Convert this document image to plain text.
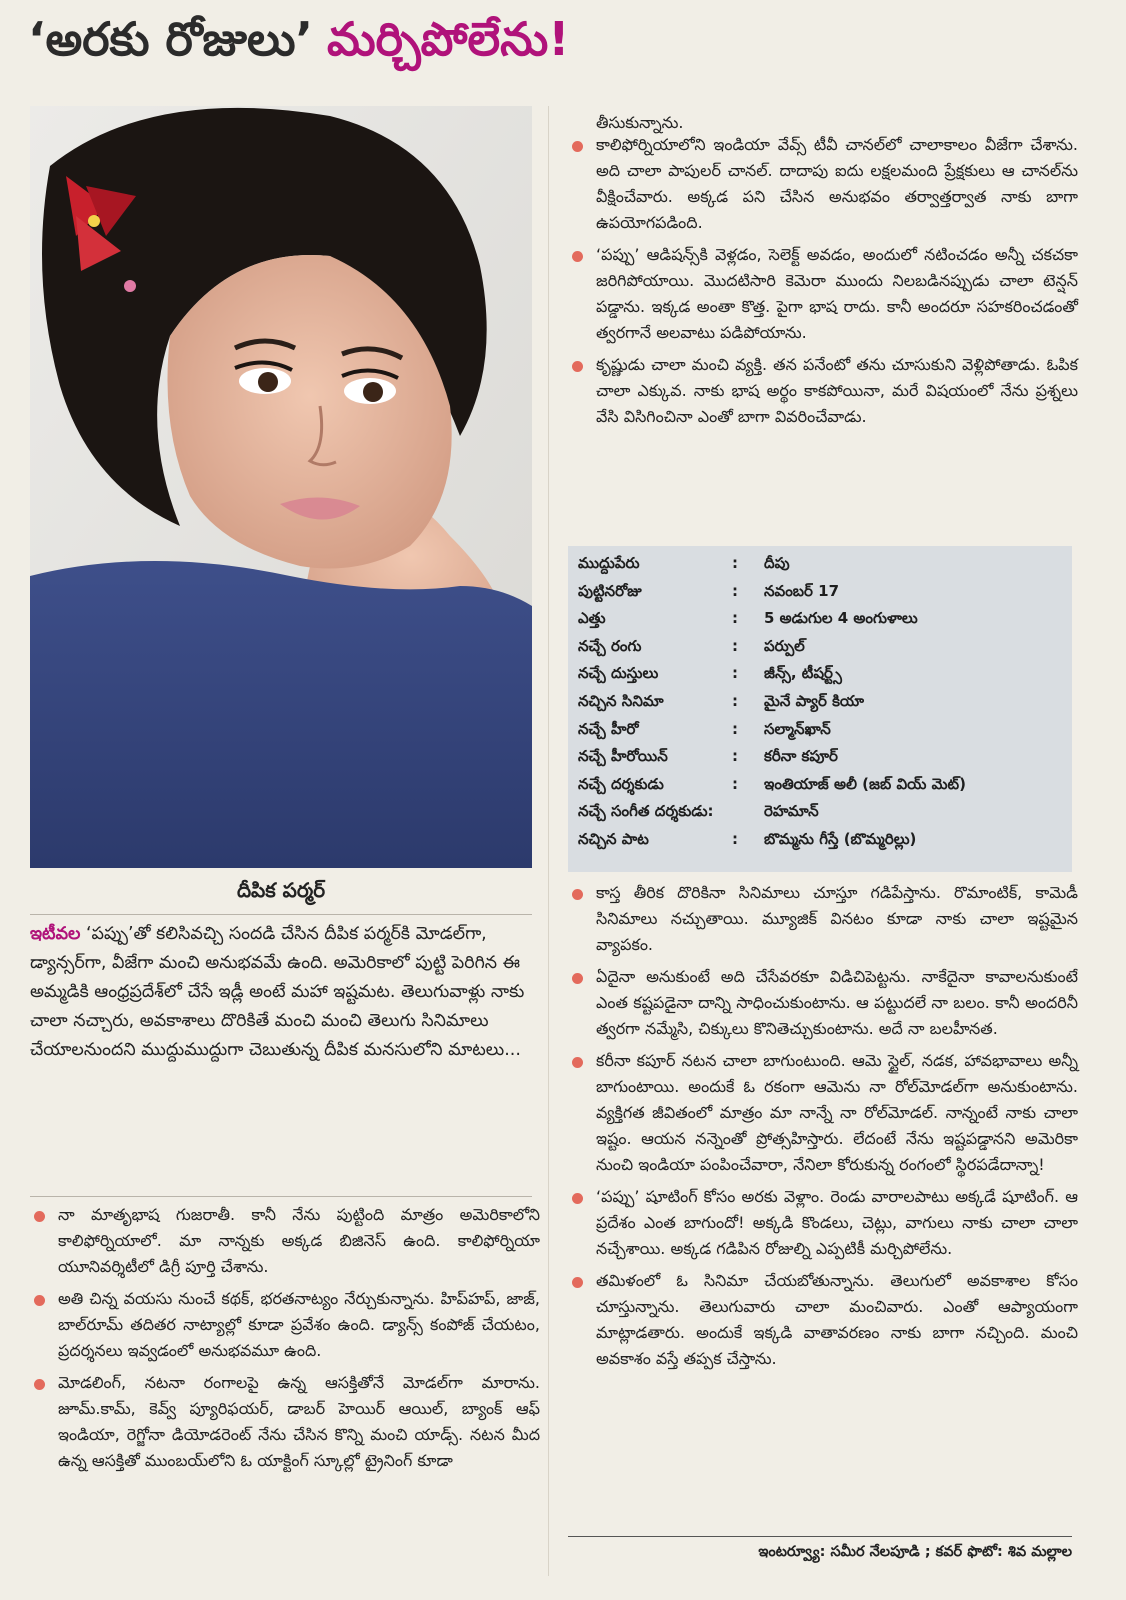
‘అరకు రోజులు’ మర్చిపోలేను!
దీపిక పర్మర్
ఇటీవల ‘పప్పు’తో కలిసివచ్చి సందడి చేసిన దీపిక పర్మర్‌కి మోడల్‌గా, డ్యాన్సర్‌గా, వీజేగా మంచి అనుభవమే ఉంది. అమెరికాలో పుట్టి పెరిగిన ఈ అమ్మడికి ఆంధ్రప్రదేశ్‌లో చేసే ఇడ్లీ అంటే మహా ఇష్టమట. తెలుగువాళ్లు నాకు చాలా నచ్చారు, అవకాశాలు దొరికితే మంచి మంచి తెలుగు సినిమాలు చేయాలనుందని ముద్దుముద్దుగా చెబుతున్న దీపిక మనసులోని మాటలు...
నా మాతృభాష గుజరాతీ. కానీ నేను పుట్టింది మాత్రం అమెరికాలోని కాలిఫోర్నియాలో. మా నాన్నకు అక్కడ బిజినెస్ ఉంది. కాలిఫోర్నియా యూనివర్శిటీలో డిగ్రీ పూర్తి చేశాను.
అతి చిన్న వయసు నుంచే కథక్, భరతనాట్యం నేర్చుకున్నాను. హిప్‌హప్, జాజ్, బాల్‌రూమ్ తదితర నాట్యాల్లో కూడా ప్రవేశం ఉంది. డ్యాన్స్ కంపోజ్ చేయటం, ప్రదర్శనలు ఇవ్వడంలో అనుభవమూ ఉంది.
మోడలింగ్, నటనా రంగాలపై ఉన్న ఆసక్తితోనే మోడల్‌గా మారాను. జూమ్.కామ్, కెవ్వ్ ప్యూరిఫయర్, డాబర్ హెయిర్ ఆయిల్, బ్యాంక్ ఆఫ్ ఇండియా, రెగ్జోనా డియోడరెంట్ నేను చేసిన కొన్ని మంచి యాడ్స్. నటన మీద ఉన్న ఆసక్తితో ముంబయ్‌లోని ఓ యాక్టింగ్ స్కూల్లో ట్రైనింగ్ కూడా
తీసుకున్నాను.
కాలిఫోర్నియాలోని ఇండియా వేవ్స్ టీవీ చానల్‌లో చాలాకాలం వీజేగా చేశాను. అది చాలా పాపులర్ చానల్. దాదాపు ఐదు లక్షలమంది ప్రేక్షకులు ఆ చానల్‌ను వీక్షించేవారు. అక్కడ పని చేసిన అనుభవం తర్వాత్తర్వాత నాకు బాగా ఉపయోగపడింది.
‘పప్పు’ ఆడిషన్స్‌కి వెళ్లడం, సెలెక్ట్ అవడం, అందులో నటించడం అన్నీ చకచకా జరిగిపోయాయి. మొదటిసారి కెమెరా ముందు నిలబడినప్పుడు చాలా టెన్షన్ పడ్డాను. ఇక్కడ అంతా కొత్త. పైగా భాష రాదు. కానీ అందరూ సహకరించడంతో త్వరగానే అలవాటు పడిపోయాను.
కృష్ణుడు చాలా మంచి వ్యక్తి. తన పనేంటో తను చూసుకుని వెళ్లిపోతాడు. ఓపిక చాలా ఎక్కువ. నాకు భాష అర్థం కాకపోయినా, మరే విషయంలో నేను ప్రశ్నలు వేసి విసిగించినా ఎంతో బాగా వివరించేవాడు.
ముద్దుపేరు	: దీపు
పుట్టినరోజు	: నవంబర్ 17
ఎత్తు	: 5 అడుగుల 4 అంగుళాలు
నచ్చే రంగు	: పర్పుల్
నచ్చే దుస్తులు	: జీన్స్, టీషర్ట్స్
నచ్చిన సినిమా	: మైనే ప్యార్ కియా
నచ్చే హీరో	: సల్మాన్‌ఖాన్
నచ్చే హీరోయిన్	: కరీనా కపూర్
నచ్చే దర్శకుడు	: ఇంతియాజ్ అలీ (జబ్ వియ్ మెట్)
నచ్చే సంగీత దర్శకుడు:	రెహమాన్
నచ్చిన పాట	: బొమ్మను గీస్తే (బొమ్మరిల్లు)
కాస్త తీరిక దొరికినా సినిమాలు చూస్తూ గడిపేస్తాను. రొమాంటిక్, కామెడీ సినిమాలు నచ్చుతాయి. మ్యూజిక్ వినటం కూడా నాకు చాలా ఇష్టమైన వ్యాపకం.
ఏదైనా అనుకుంటే అది చేసేవరకూ విడిచిపెట్టను. నాకేదైనా కావాలనుకుంటే ఎంత కష్టపడైనా దాన్ని సాధించుకుంటాను. ఆ పట్టుదలే నా బలం. కానీ అందరినీ త్వరగా నమ్మేసి, చిక్కులు కొనితెచ్చుకుంటాను. అదే నా బలహీనత.
కరీనా కపూర్ నటన చాలా బాగుంటుంది. ఆమె స్టైల్, నడక, హావభావాలు అన్నీ బాగుంటాయి. అందుకే ఓ రకంగా ఆమెను నా రోల్‌మోడల్‌గా అనుకుంటాను. వ్యక్తిగత జీవితంలో మాత్రం మా నాన్నే నా రోల్‌మోడల్. నాన్నంటే నాకు చాలా ఇష్టం. ఆయన నన్నెంతో ప్రోత్సహిస్తారు. లేదంటే నేను ఇష్టపడ్డానని అమెరికా నుంచి ఇండియా పంపించేవారా, నేనిలా కోరుకున్న రంగంలో స్థిరపడేదాన్నా!
‘పప్పు’ షూటింగ్ కోసం అరకు వెళ్లాం. రెండు వారాలపాటు అక్కడే షూటింగ్. ఆ ప్రదేశం ఎంత బాగుందో! అక్కడి కొండలు, చెట్లు, వాగులు నాకు చాలా చాలా నచ్చేశాయి. అక్కడ గడిపిన రోజుల్ని ఎప్పటికీ మర్చిపోలేను.
తమిళంలో ఓ సినిమా చేయబోతున్నాను. తెలుగులో అవకాశాల కోసం చూస్తున్నాను. తెలుగువారు చాలా మంచివారు. ఎంతో ఆప్యాయంగా మాట్లాడతారు. అందుకే ఇక్కడి వాతావరణం నాకు బాగా నచ్చింది. మంచి అవకాశం వస్తే తప్పక చేస్తాను.
ఇంటర్వ్యూ: సమీర నేలపూడి ; కవర్ ఫొటో: శివ మల్లాల
